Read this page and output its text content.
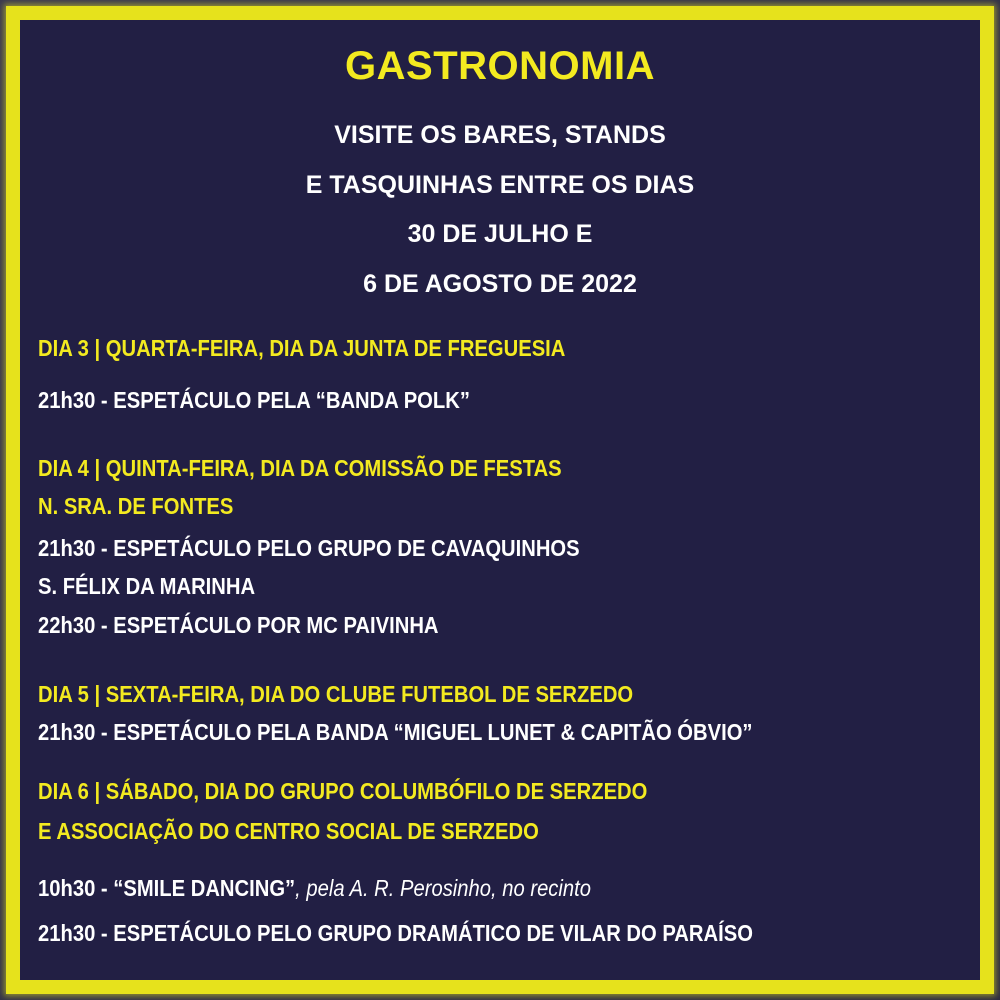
GASTRONOMIA
VISITE OS BARES, STANDS
E TASQUINHAS ENTRE OS DIAS
30 DE JULHO E
6 DE AGOSTO DE 2022
DIA 3 | QUARTA-FEIRA, DIA DA JUNTA DE FREGUESIA
21h30 - ESPETÁCULO PELA “BANDA POLK”
DIA 4 | QUINTA-FEIRA, DIA DA COMISSÃO DE FESTAS
N. SRA. DE FONTES
21h30 - ESPETÁCULO PELO GRUPO DE CAVAQUINHOS
S. FÉLIX DA MARINHA
22h30 - ESPETÁCULO POR MC PAIVINHA
DIA 5 | SEXTA-FEIRA, DIA DO CLUBE FUTEBOL DE SERZEDO
21h30 - ESPETÁCULO PELA BANDA “MIGUEL LUNET & CAPITÃO ÓBVIO”
DIA 6 | SÁBADO, DIA DO GRUPO COLUMBÓFILO DE SERZEDO
E ASSOCIAÇÃO DO CENTRO SOCIAL DE SERZEDO
10h30 - “SMILE DANCING”, pela A. R. Perosinho, no recinto
21h30 - ESPETÁCULO PELO GRUPO DRAMÁTICO DE VILAR DO PARAÍSO
